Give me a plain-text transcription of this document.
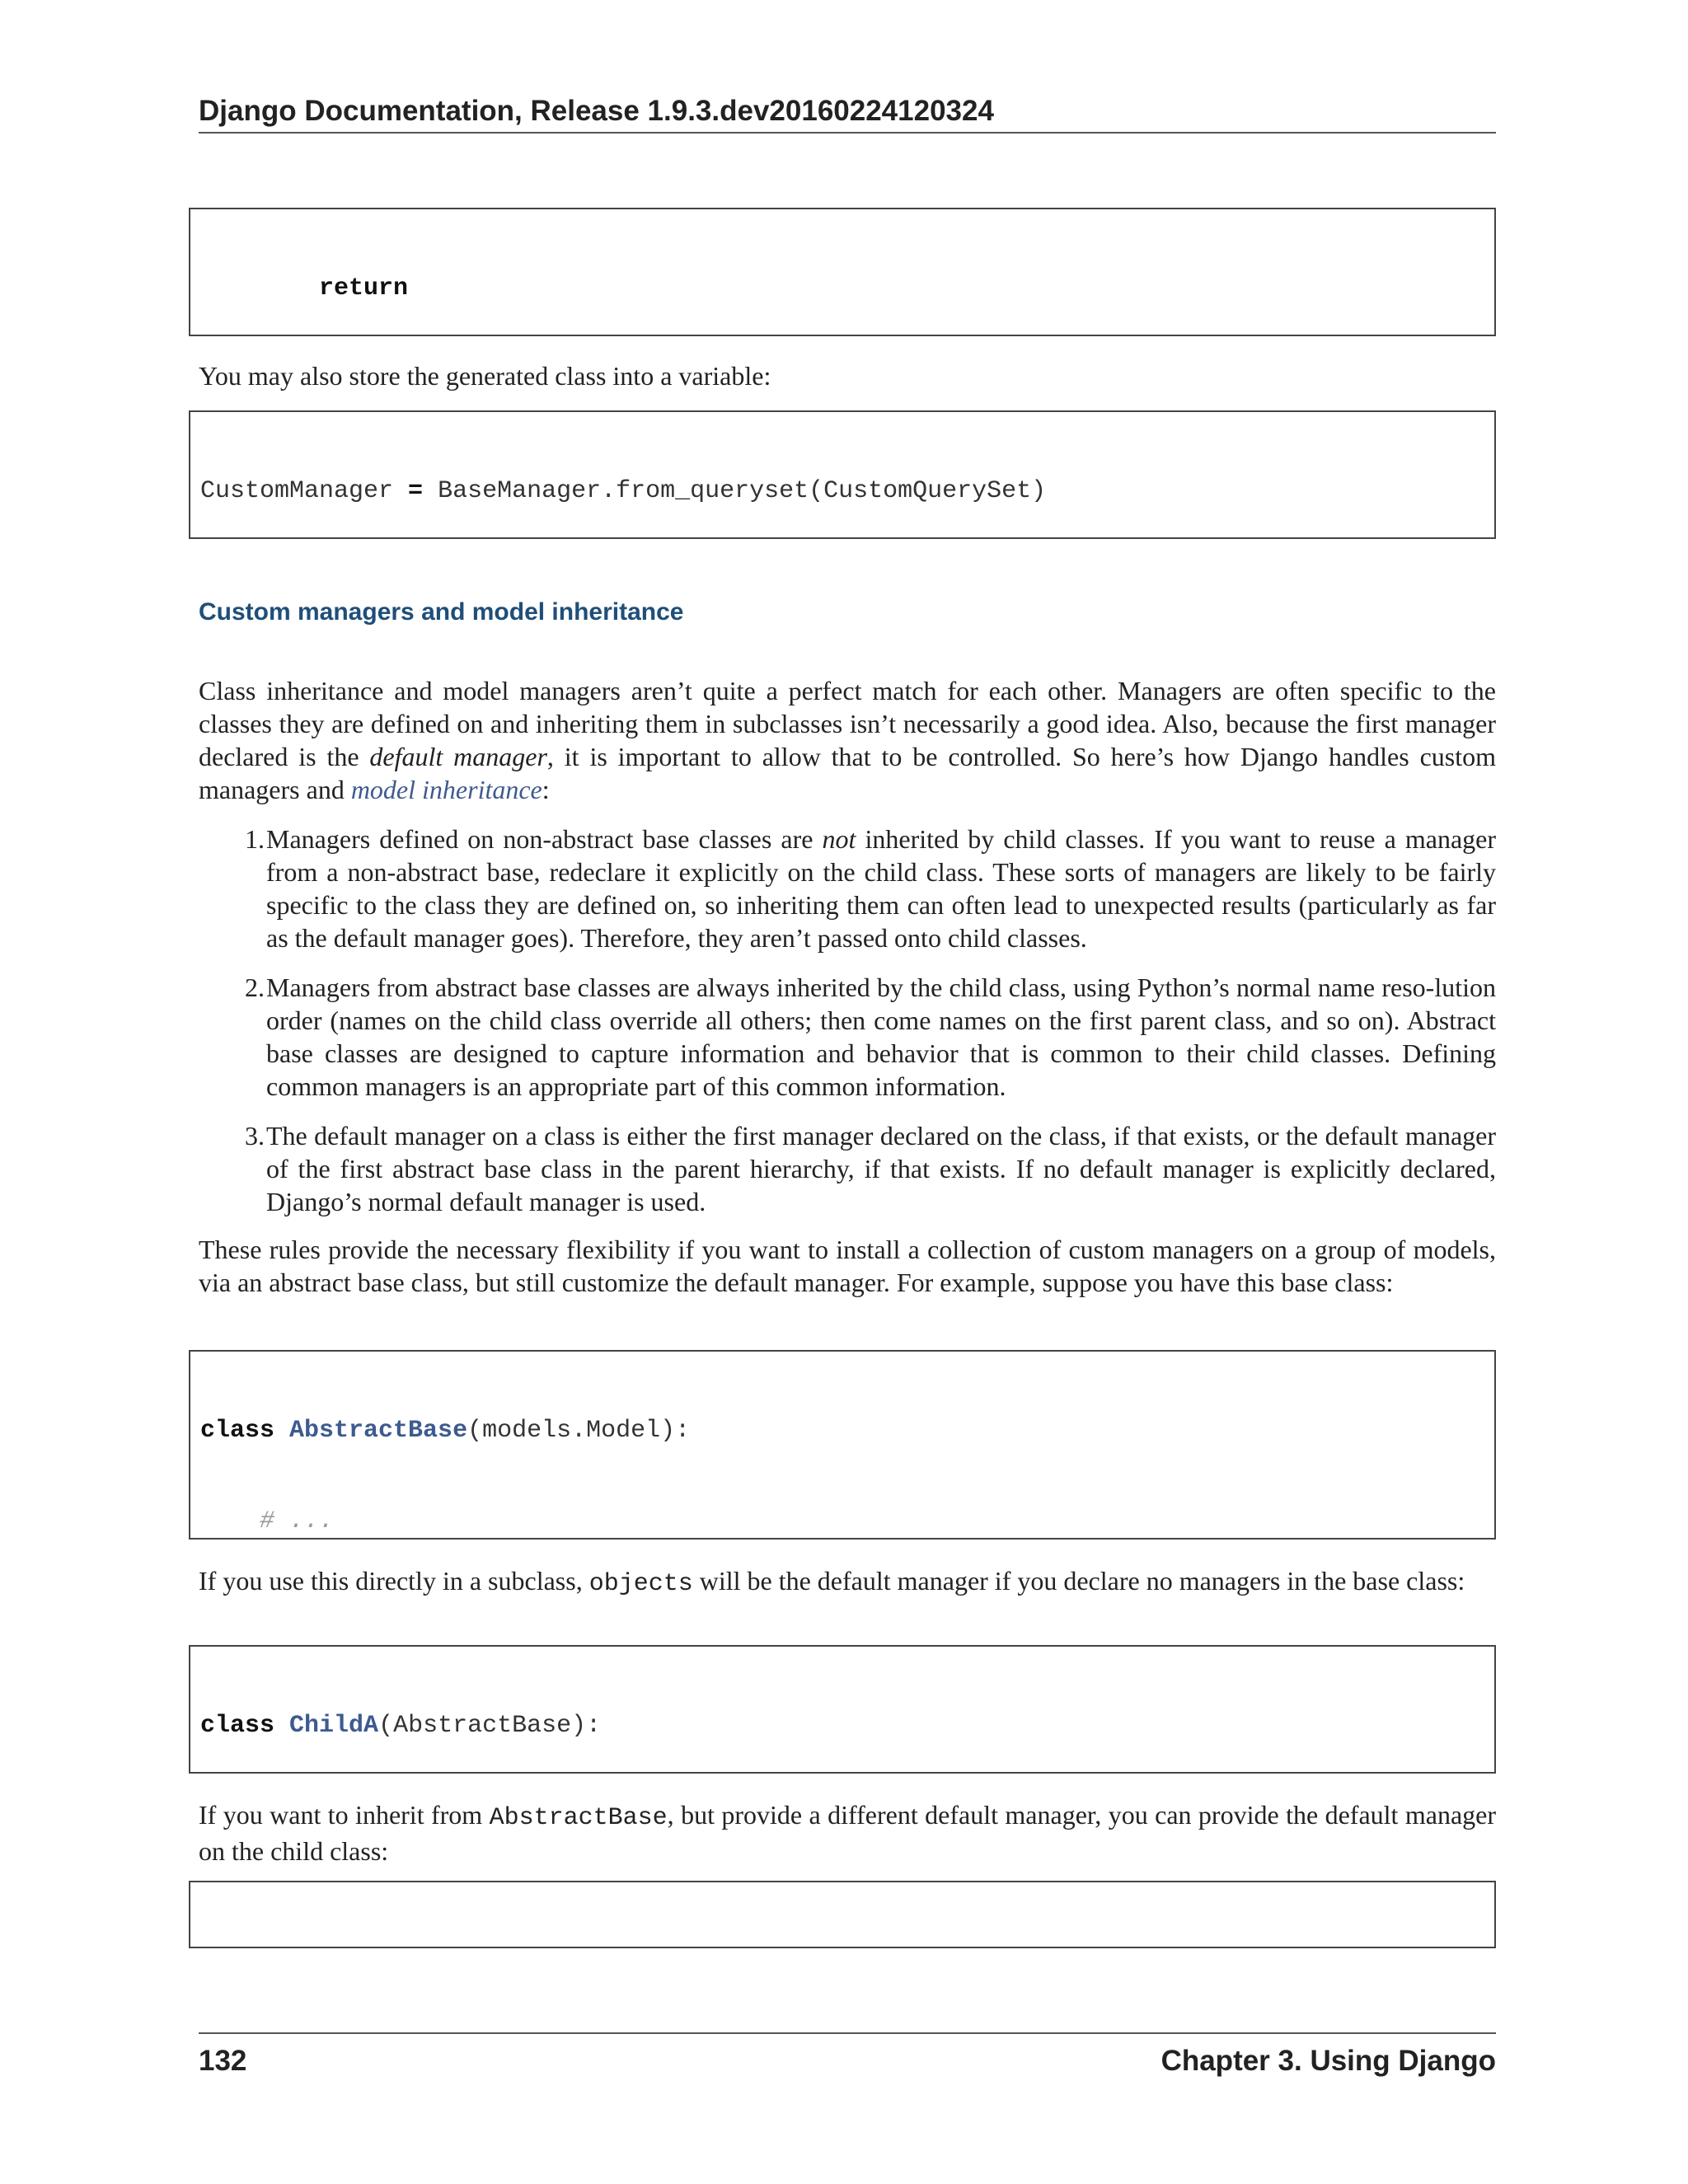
Django Documentation, Release 1.9.3.dev20160224120324

return

You may also store the generated class into a variable:

CustomManager = BaseManager.from_queryset(CustomQuerySet)

Custom managers and model inheritance
Class inheritance and model managers aren’t quite a perfect match for each other. Managers are often specific to the classes they are defined on and inheriting them in subclasses isn’t necessarily a good idea. Also, because the first manager declared is the default manager, it is important to allow that to be controlled. So here’s how Django handles custom managers and model inheritance:
1. Managers defined on non-abstract base classes are not inherited by child classes. If you want to reuse a manager from a non-abstract base, redeclare it explicitly on the child class. These sorts of managers are likely to be fairly specific to the class they are defined on, so inheriting them can often lead to unexpected results (particularly as far as the default manager goes). Therefore, they aren’t passed onto child classes.
2. Managers from abstract base classes are always inherited by the child class, using Python’s normal name reso-lution order (names on the child class override all others; then come names on the first parent class, and so on). Abstract base classes are designed to capture information and behavior that is common to their child classes. Defining common managers is an appropriate part of this common information.
3. The default manager on a class is either the first manager declared on the class, if that exists, or the default manager of the first abstract base class in the parent hierarchy, if that exists. If no default manager is explicitly declared, Django’s normal default manager is used.
These rules provide the necessary flexibility if you want to install a collection of custom managers on a group of models, via an abstract base class, but still customize the default manager. For example, suppose you have this base class:

class AbstractBase(models.Model):

# ...

If you use this directly in a subclass, objects will be the default manager if you declare no managers in the base class:

class ChildA(AbstractBase):

If you want to inherit from AbstractBase, but provide a different default manager, you can provide the default manager on the child class:

132	Chapter 3. Using Django
